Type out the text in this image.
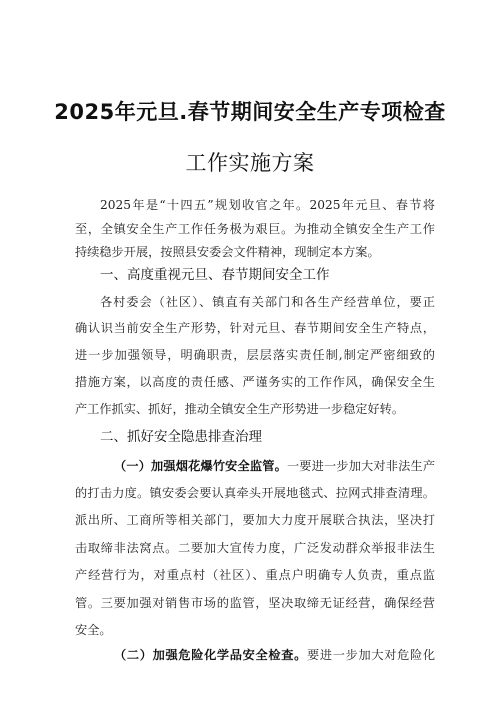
2025年元旦.春节期间安全生产专项检查
工作实施方案
2025年是“十四五”规划收官之年。2025年元旦、春节将
至，全镇安全生产工作任务极为艰巨。为推动全镇安全生产工作
持续稳步开展，按照县安委会文件精神，现制定本方案。
一、高度重视元旦、春节期间安全工作
各村委会（社区）、镇直有关部门和各生产经营单位，要正
确认识当前安全生产形势，针对元旦、春节期间安全生产特点，
进一步加强领导，明确职责，层层落实责任制,制定严密细致的
措施方案，以高度的责任感、严谨务实的工作作风，确保安全生
产工作抓实、抓好，推动全镇安全生产形势进一步稳定好转。
二、抓好安全隐患排查治理
（一）加强烟花爆竹安全监管。一要进一步加大对非法生产
的打击力度。镇安委会要认真牵头开展地毯式、拉网式排查清理。
派出所、工商所等相关部门，要加大力度开展联合执法，坚决打
击取缔非法窝点。二要加大宣传力度，广泛发动群众举报非法生
产经营行为，对重点村（社区）、重点户明确专人负责，重点监
管。三要加强对销售市场的监管，坚决取缔无证经营，确保经营
安全。
（二）加强危险化学品安全检查。要进一步加大对危险化
